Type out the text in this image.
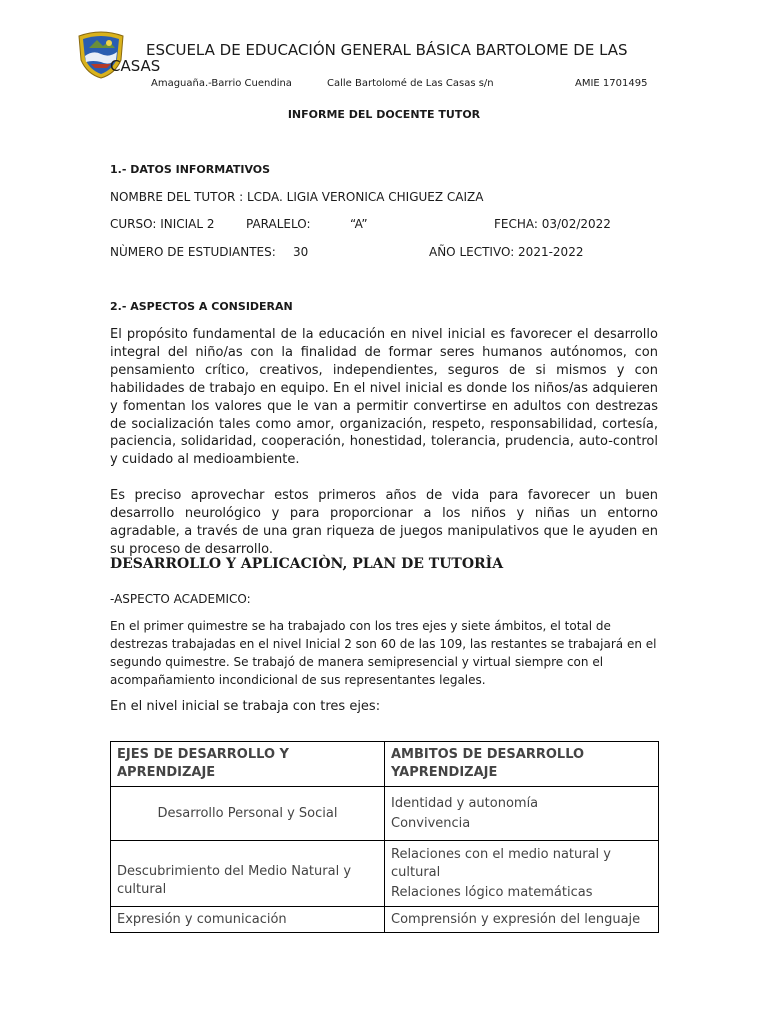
ESCUELA DE EDUCACIÓN GENERAL BÁSICA BARTOLOME DE LAS CASAS
Amaguaña.-Barrio Cuendina	Calle Bartolomé de Las Casas s/n	AMIE 1701495
INFORME DEL DOCENTE TUTOR
1.- DATOS INFORMATIVOS
NOMBRE DEL TUTOR : LCDA. LIGIA VERONICA CHIGUEZ CAIZA
CURSO: INICIAL 2	PARALELO:	“A”	FECHA: 03/02/2022
NÙMERO DE ESTUDIANTES: 30	AÑO LECTIVO: 2021-2022
2.- ASPECTOS A CONSIDERAN

El propósito fundamental de la educación en nivel inicial es favorecer el desarrollo integral del niño/as con la finalidad de formar seres humanos autónomos, con pensamiento crítico, creativos, independientes, seguros de si mismos y con habilidades de trabajo en equipo. En el nivel inicial es donde los niños/as adquieren y fomentan los valores que le van a permitir convertirse en adultos con destrezas de socialización tales como amor, organización, respeto, responsabilidad, cortesía, paciencia, solidaridad, cooperación, honestidad, tolerancia, prudencia, auto-control y cuidado al medioambiente.

Es preciso aprovechar estos primeros años de vida para favorecer un buen desarrollo neurológico y para proporcionar a los niños y niñas un entorno agradable, a través de una gran riqueza de juegos manipulativos que le ayuden en su proceso de desarrollo.

DESARROLLO Y APLICACIÒN, PLAN DE TUTORÌA
-ASPECTO ACADEMICO:

En el primer quimestre se ha trabajado con los tres ejes y siete ámbitos, el total de destrezas trabajadas en el nivel Inicial 2 son 60 de las 109, las restantes se trabajará en el segundo quimestre. Se trabajó de manera semipresencial y virtual siempre con el acompañamiento incondicional de sus representantes legales.

En el nivel inicial se trabaja con tres ejes:
EJES DE DESARROLLO Y APRENDIZAJE	AMBITOS DE DESARROLLO YAPRENDIZAJE
Desarrollo Personal y Social	Identidad y autonomía
Convivencia

Descubrimiento del Medio Natural y cultural	Relaciones con el medio natural y cultural
Relaciones lógico matemáticas

Expresión y comunicación	Comprensión y expresión del lenguaje
